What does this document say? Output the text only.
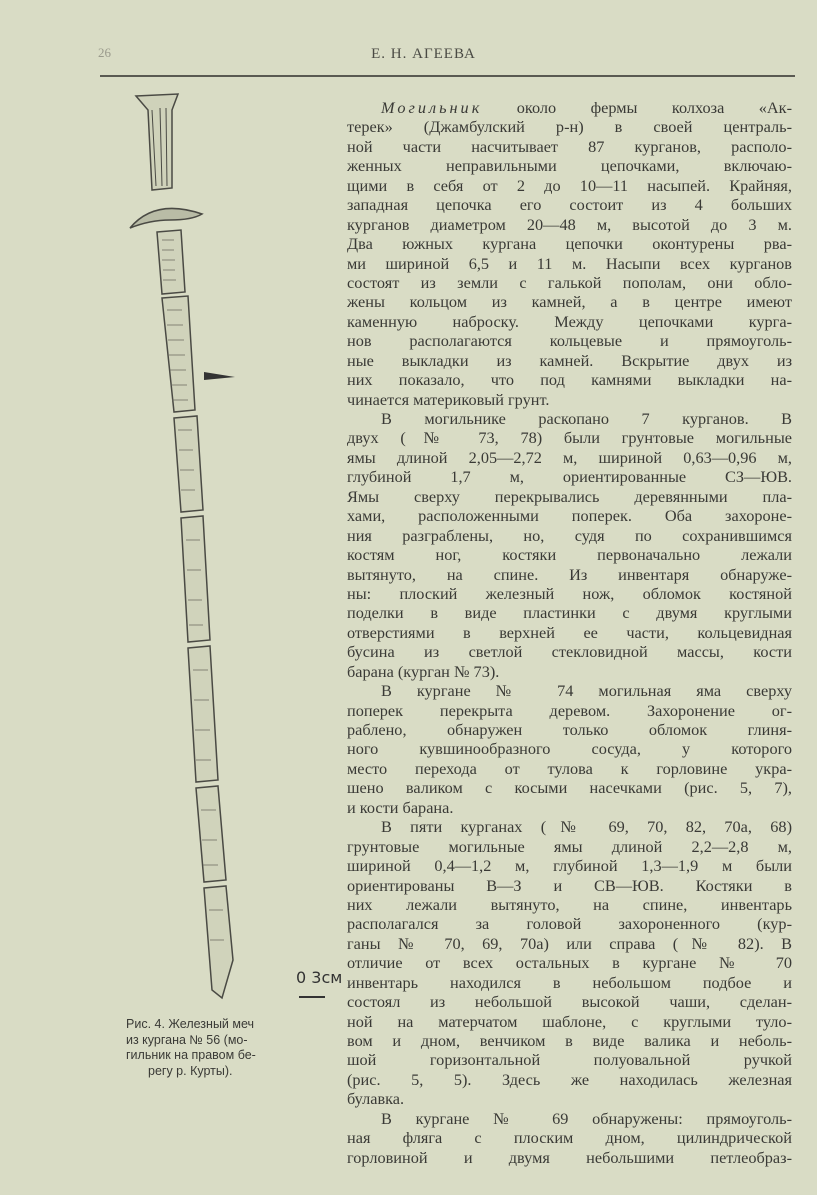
26	Е. Н. АГЕЕВА
0 3см
Рис. 4. Железный меч
из кургана № 56 (мо-
гильник на правом бе-
регу р. Курты).
Могильник около фермы колхоза «Ак-
терек» (Джамбулский р-н) в своей централь-
ной части насчитывает 87 курганов, располо-
женных неправильными цепочками, включаю-
щими в себя от 2 до 10—11 насыпей. Крайняя,
западная цепочка его состоит из 4 больших
курганов диаметром 20—48 м, высотой до 3 м.
Два южных кургана цепочки оконтурены рва-
ми шириной 6,5 и 11 м. Насыпи всех курганов
состоят из земли с галькой пополам, они обло-
жены кольцом из камней, а в центре имеют
каменную наброску. Между цепочками курга-
нов располагаются кольцевые и прямоуголь-
ные выкладки из камней. Вскрытие двух из
них показало, что под камнями выкладки на-
чинается материковый грунт.
В могильнике раскопано 7 курганов. В
двух (№ 73, 78) были грунтовые могильные
ямы длиной 2,05—2,72 м, шириной 0,63—0,96 м,
глубиной 1,7 м, ориентированные СЗ—ЮВ.
Ямы сверху перекрывались деревянными пла-
хами, расположенными поперек. Оба захороне-
ния разграблены, но, судя по сохранившимся
костям ног, костяки первоначально лежали
вытянуто, на спине. Из инвентаря обнаруже-
ны: плоский железный нож, обломок костяной
поделки в виде пластинки с двумя круглыми
отверстиями в верхней ее части, кольцевидная
бусина из светлой стекловидной массы, кости
барана (курган № 73).
В кургане № 74 могильная яма сверху
поперек перекрыта деревом. Захоронение ог-
раблено, обнаружен только обломок глиня-
ного кувшинообразного сосуда, у которого
место перехода от тулова к горловине укра-
шено валиком с косыми насечками (рис. 5, 7),
и кости барана.
В пяти курганах (№ 69, 70, 82, 70а, 68)
грунтовые могильные ямы длиной 2,2—2,8 м,
шириной 0,4—1,2 м, глубиной 1,3—1,9 м были
ориентированы В—З и СВ—ЮВ. Костяки в
них лежали вытянуто, на спине, инвентарь
располагался за головой захороненного (кур-
ганы № 70, 69, 70а) или справа (№ 82). В
отличие от всех остальных в кургане № 70
инвентарь находился в небольшом подбое и
состоял из небольшой высокой чаши, сделан-
ной на матерчатом шаблоне, с круглыми туло-
вом и дном, венчиком в виде валика и неболь-
шой горизонтальной полуовальной ручкой
(рис. 5, 5). Здесь же находилась железная
булавка.
В кургане № 69 обнаружены: прямоуголь-
ная фляга с плоским дном, цилиндрической
горловиной и двумя небольшими петлеобраз-
